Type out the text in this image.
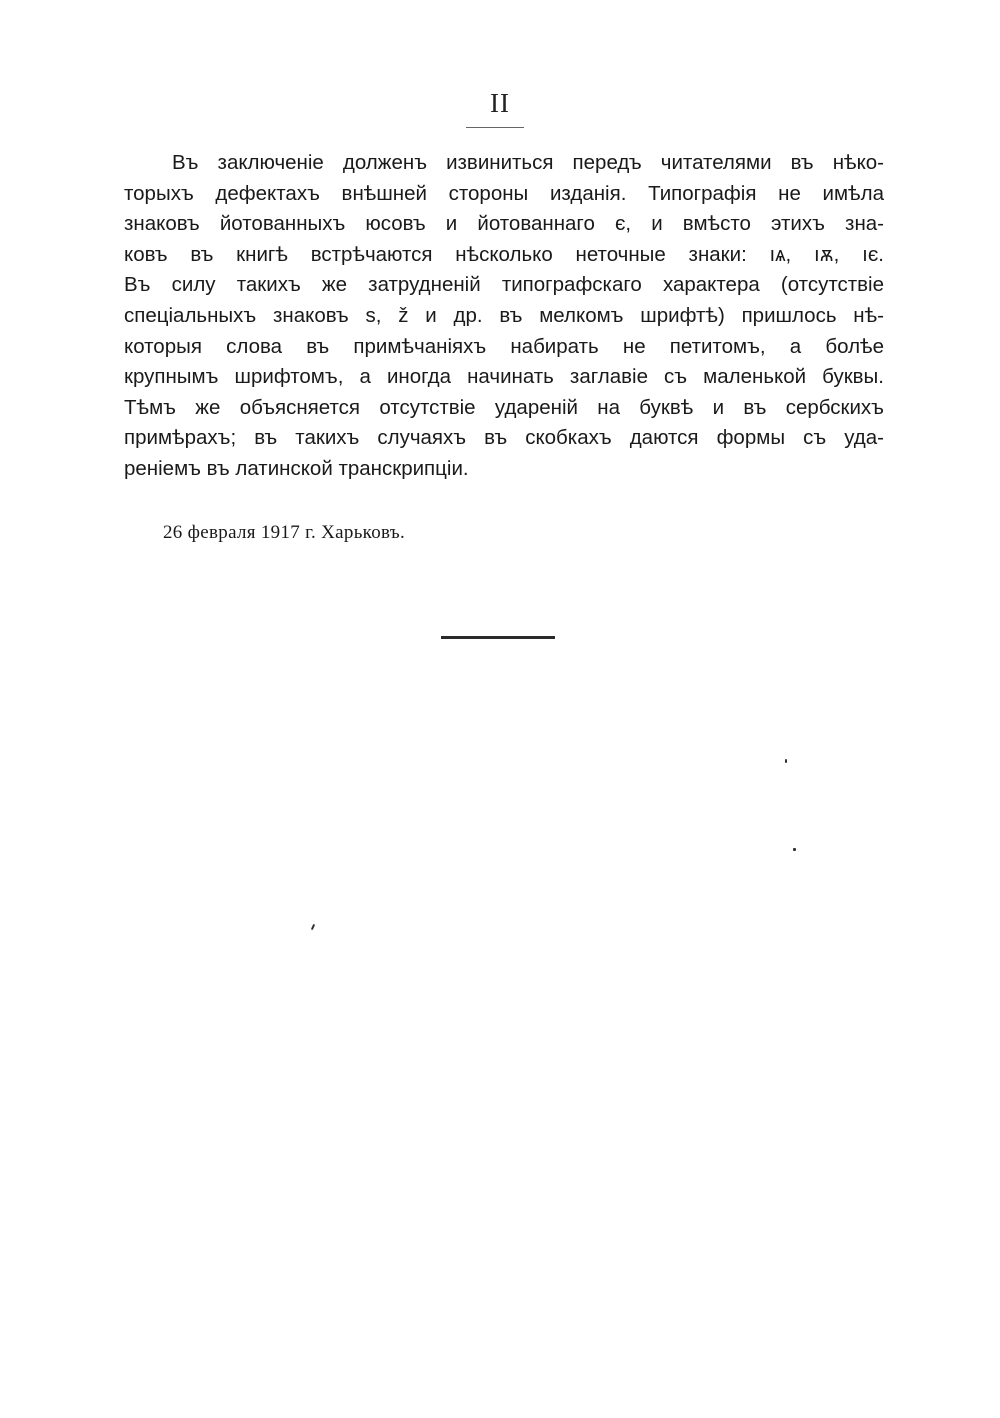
II

Въ заключеніе долженъ извиниться передъ читателями въ нѣко-
торыхъ дефектахъ внѣшней стороны изданія. Типографія не имѣла
знаковъ йотованныхъ юсовъ и йотованнаго є, и вмѣсто этихъ зна-
ковъ въ книгѣ встрѣчаются нѣсколько неточные знаки: ıѧ, ıѫ, ıє.
Въ силу такихъ же затрудненій типографскаго характера (отсутствіе
спеціальныхъ знаковъ ѕ, ž и др. въ мелкомъ шрифтѣ) пришлось нѣ-
которыя слова въ примѣчаніяхъ набирать не петитомъ, а болѣе
крупнымъ шрифтомъ, а иногда начинать заглавіе съ маленькой буквы.
Тѣмъ же объясняется отсутствіе удареній на буквѣ и въ сербскихъ
примѣрахъ; въ такихъ случаяхъ въ скобкахъ даются формы съ уда-
реніемъ въ латинской транскрипціи.

26 февраля 1917 г. Харьковъ.
